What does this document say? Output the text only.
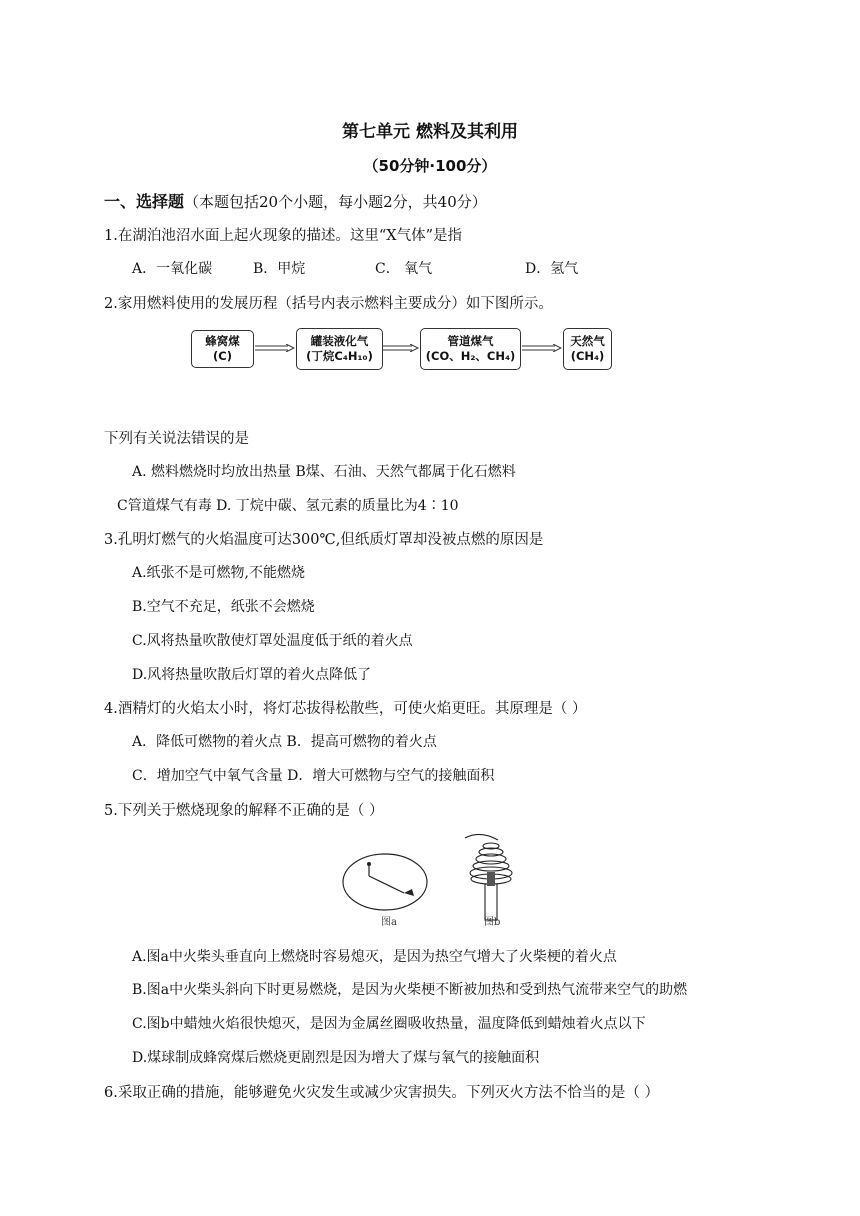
第七单元 燃料及其利用
（50分钟·100分）
一、选择题（本题包括20个小题，每小题2分，共40分）
1.在湖泊池沼水面上起火现象的描述。这里“X气体”是指
A．一氧化碳	B．甲烷	C． 氧气	D．氢气
2.家用燃料使用的发展历程（括号内表示燃料主要成分）如下图所示。
蜂窝煤
(C)
罐装液化气
(丁烷C₄H₁₀)
管道煤气
(CO、H₂、CH₄)
天然气
(CH₄)
下列有关说法错误的是
A. 燃料燃烧时均放出热量 B煤、石油、天然气都属于化石燃料
C管道煤气有毒 D. 丁烷中碳、氢元素的质量比为4∶10
3.孔明灯燃气的火焰温度可达300℃,但纸质灯罩却没被点燃的原因是
A.纸张不是可燃物,不能燃烧
B.空气不充足，纸张不会燃烧
C.风将热量吹散使灯罩处温度低于纸的着火点
D.风将热量吹散后灯罩的着火点降低了
4.酒精灯的火焰太小时，将灯芯拔得松散些，可使火焰更旺。其原理是（ ）
A．降低可燃物的着火点 B．提高可燃物的着火点
C．增加空气中氧气含量 D．增大可燃物与空气的接触面积
5.下列关于燃烧现象的解释不正确的是（ ）
图a	图b
A.图a中火柴头垂直向上燃烧时容易熄灭，是因为热空气增大了火柴梗的着火点
B.图a中火柴头斜向下时更易燃烧，是因为火柴梗不断被加热和受到热气流带来空气的助燃
C.图b中蜡烛火焰很快熄灭，是因为金属丝圈吸收热量，温度降低到蜡烛着火点以下
D.煤球制成蜂窝煤后燃烧更剧烈是因为增大了煤与氧气的接触面积
6.采取正确的措施，能够避免火灾发生或减少灾害损失。下列灭火方法不恰当的是（ ）
